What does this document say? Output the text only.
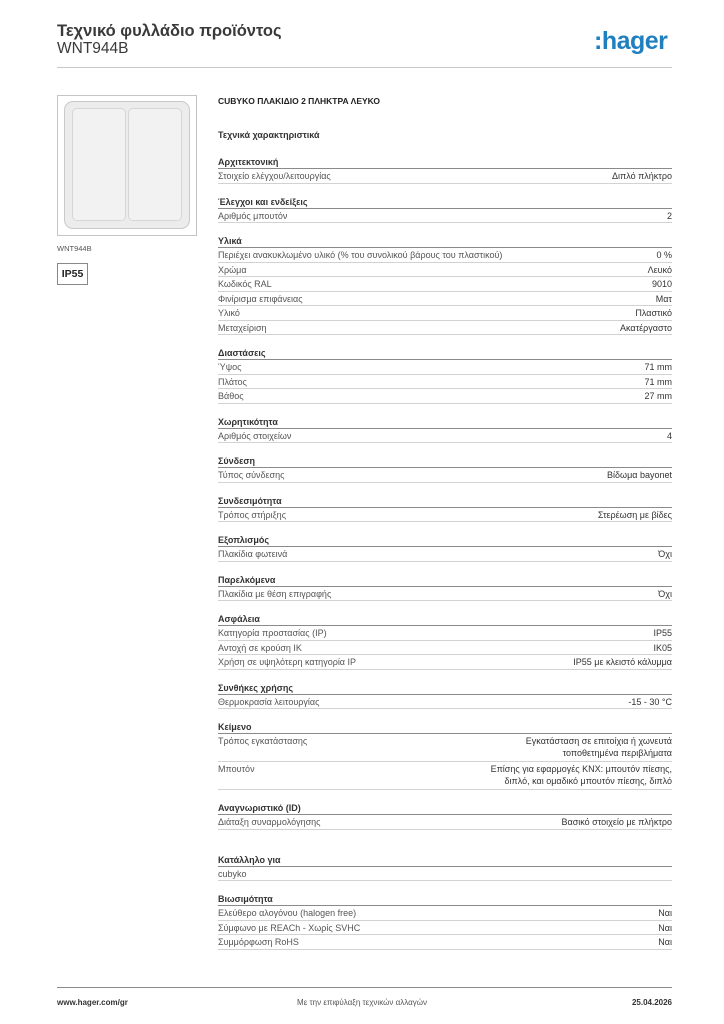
Τεχνικό φυλλάδιο προϊόντος
WNT944B	:hager
WNT944B
IP55
CUBYKO ΠΛΑΚΙΔΙΟ 2 ΠΛΗΚΤΡΑ ΛΕΥΚΟ
Τεχνικά χαρακτηριστικά
Αρχιτεκτονική
Στοιχείο ελέγχου/λειτουργίας	Διπλό πλήκτρο
Έλεγχοι και ενδείξεις
Αριθμός μπουτόν	2
Υλικά
Περιέχει ανακυκλωμένο υλικό (% του συνολικού βάρους του πλαστικού)	0 %
Χρώμα	Λευκό
Κωδικός RAL	9010
Φινίρισμα επιφάνειας	Ματ
Υλικό	Πλαστικό
Μεταχείριση	Ακατέργαστο
Διαστάσεις
Ύψος	71 mm
Πλάτος	71 mm
Βάθος	27 mm
Χωρητικότητα
Αριθμός στοιχείων	4
Σύνδεση
Τύπος σύνδεσης	Βίδωμα bayonet
Συνδεσιμότητα
Τρόπος στήριξης	Στερέωση με βίδες
Εξοπλισμός
Πλακίδια φωτεινά	Όχι
Παρελκόμενα
Πλακίδια με θέση επιγραφής	Όχι
Ασφάλεια
Κατηγορία προστασίας (IP)	IP55
Αντοχή σε κρούση IK	IK05
Χρήση σε υψηλότερη κατηγορία IP	IP55 με κλειστό κάλυμμα
Συνθήκες χρήσης
Θερμοκρασία λειτουργίας	-15 - 30 °C
Κείμενο
Τρόπος εγκατάστασης	Εγκατάσταση σε επιτοίχια ή χωνευτά τοποθετημένα περιβλήματα
Μπουτόν	Επίσης για εφαρμογές KNX: μπουτόν πίεσης, διπλό, και ομαδικό μπουτόν πίεσης, διπλό
Αναγνωριστικό (ID)
Διάταξη συναρμολόγησης	Βασικό στοιχείο με πλήκτρο
Κατάλληλο για
cubyko
Βιωσιμότητα
Ελεύθερο αλογόνου (halogen free)	Ναι
Σύμφωνο με REACh - Χωρίς SVHC	Ναι
Συμμόρφωση RoHS	Ναι
www.hager.com/gr	Με την επιφύλαξη τεχνικών αλλαγών	25.04.2026
